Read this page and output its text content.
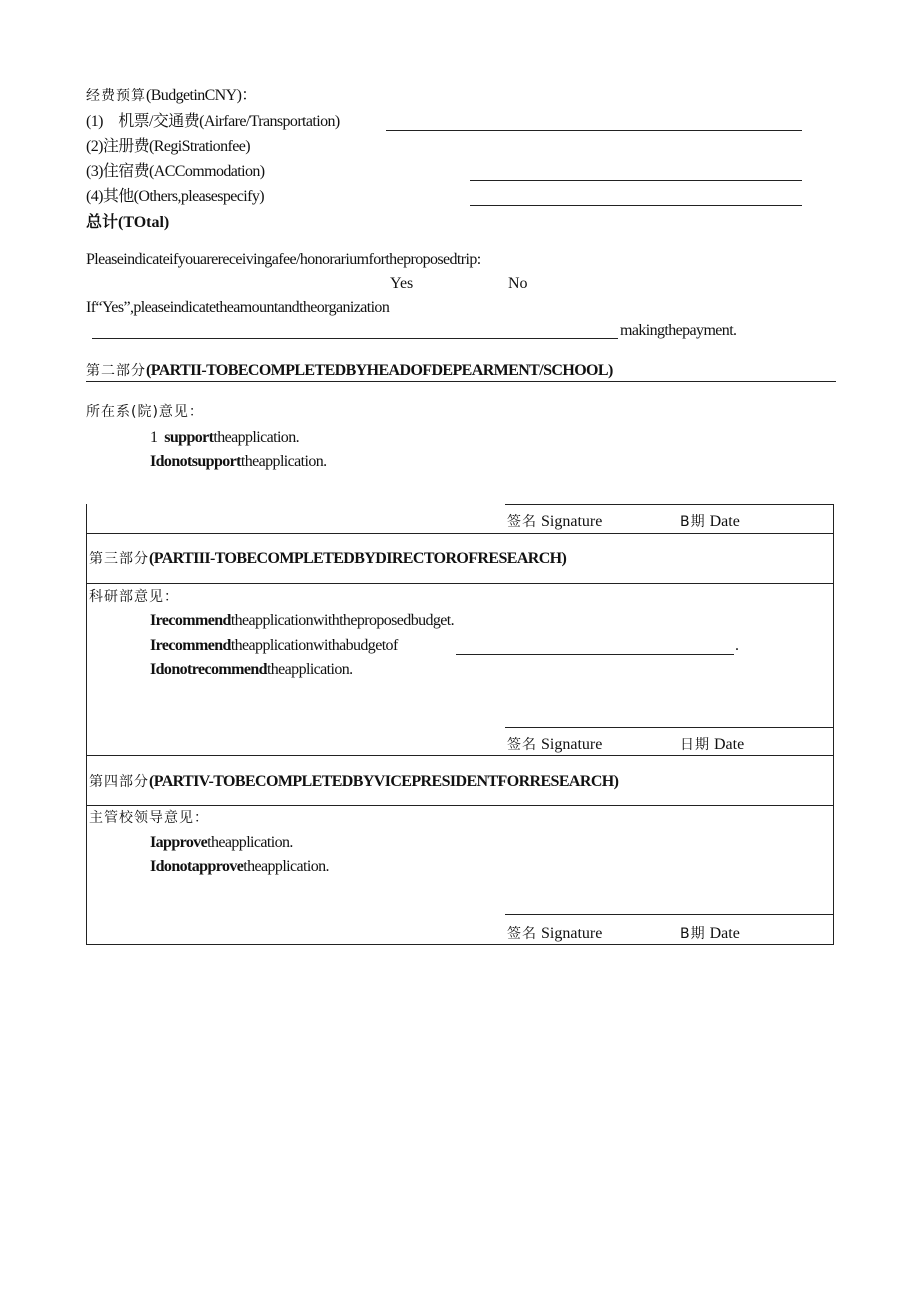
经费预算(BudgetinCNY)：
(1)　机票/交通费(Airfare/Transportation)
(2)注册费(RegiStrationfee)
(3)住宿费(ACCommodation)
(4)其他(Others,pleasespecify)
总计(TOtal)
Pleaseindicateifyouarereceivingafee/honorariumfortheproposedtrip:
Yes	No
If“Yes”,pleaseindicatetheamountandtheorganization
makingthepayment.
第二部分(PARTII-TOBECOMPLETEDBYHEADOFDEPEARMENT/SCHOOL)
所在系(院)意见：
1 supporttheapplication.
Idonotsupporttheapplication.
签名 Signature	B期 Date
第三部分(PARTIII-TOBECOMPLETEDBYDIRECTOROFRESEARCH)
科研部意见：
Irecommendtheapplicationwiththeproposedbudget.
Irecommendtheapplicationwithabudgetof	.
Idonotrecommendtheapplication.
签名 Signature	日期 Date
第四部分(PARTIV-TOBECOMPLETEDBYVICEPRESIDENTFORRESEARCH)
主管校领导意见：
Iapprovetheapplication.
Idonotapprovetheapplication.
签名 Signature	B期 Date
